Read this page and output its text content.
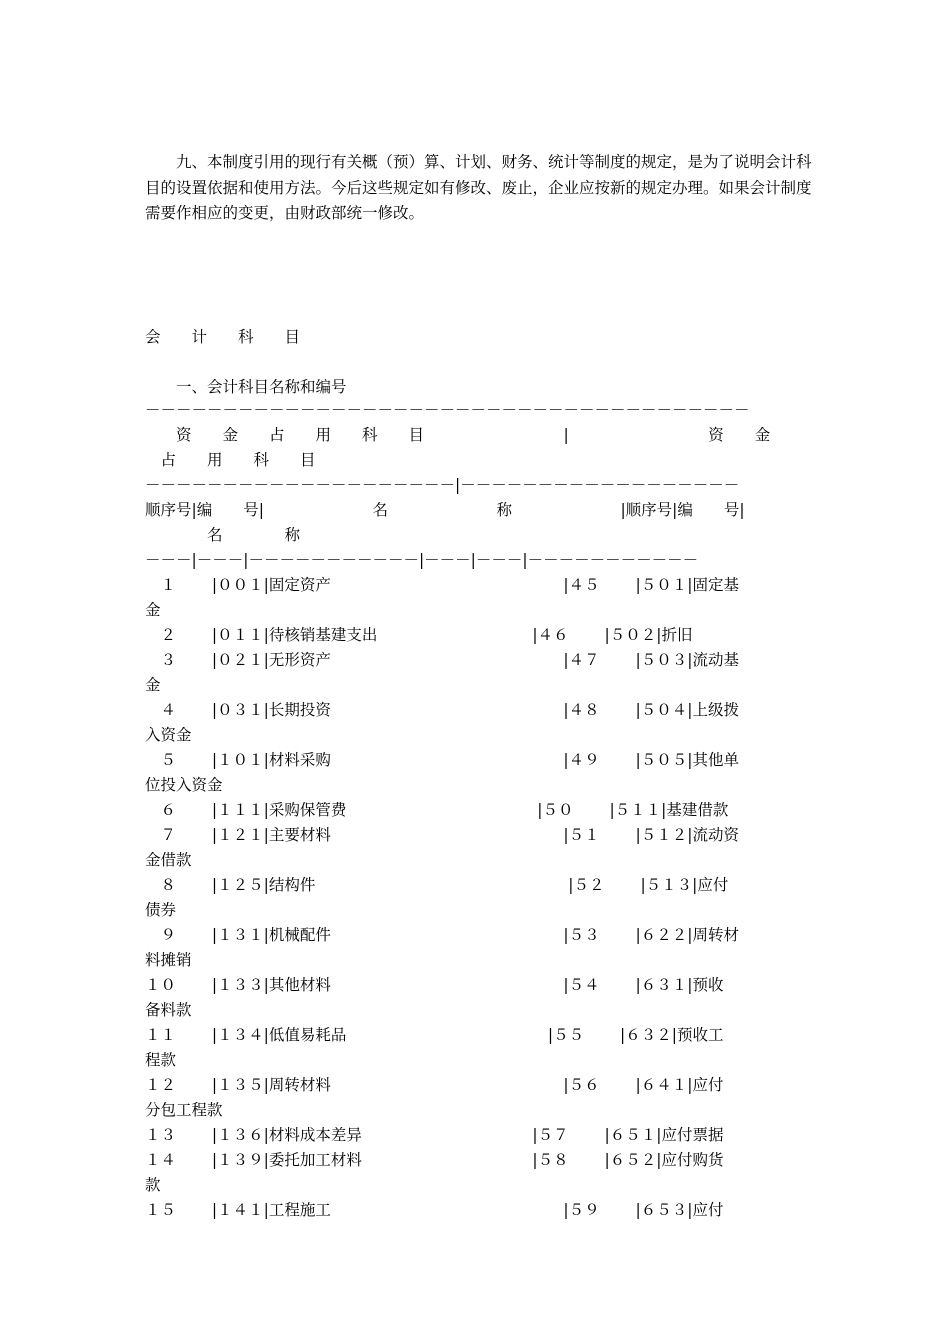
　　九、本制度引用的现行有关概（预）算、计划、财务、统计等制度的规定，是为了说明会计科目的设置依据和使用方法。今后这些规定如有修改、废止，企业应按新的规定办理。如果会计制度需要作相应的变更，由财政部统一修改。

会　　计　　科　　目
　　一、会计科目名称和编号
－－－－－－－－－－－－－－－－－－－－－－－－－－－－－－－－－－－－－－－
　　资　　金　　占　　用　　科　　目　　　　　　　　　|　　　　　　　　　资　　金
　占　　用　　科　　目
－－－－－－－－－－－－－－－－－－－－|－－－－－－－－－－－－－－－－－－
顺序号|编　　号|　　　　　　　名　　　　　　　称　　　　　　　|顺序号|编　　号|
　　　　名　　　　称
－－－|－－－|－－－－－－－－－－－|－－－|－－－|－－－－－－－－－－－
　１　　 |００１|固定资产　　　　　　　　　　　　　　　|４５　　 |５０１|固定基
金
　２　　 |０１１|待核销基建支出　　　　　　　　　　|４６　　 |５０２|折旧
　３　　 |０２１|无形资产　　　　　　　　　　　　　　　|４７　　 |５０３|流动基
金
　４　　 |０３１|长期投资　　　　　　　　　　　　　　　|４８　　 |５０４|上级拨
入资金
　５　　 |１０１|材料采购　　　　　　　　　　　　　　　|４９　　 |５０５|其他单
位投入资金
　６　　 |１１１|采购保管费　　　　　　　　　　　　 |５０　　 |５１１|基建借款
　７　　 |１２１|主要材料　　　　　　　　　　　　　　　|５１　　 |５１２|流动资
金借款
　８　　 |１２５|结构件　　　　　　　　　　　　　　　　 |５２　　 |５１３|应付
债券
　９　　 |１３１|机械配件　　　　　　　　　　　　　　　|５３　　 |６２２|周转材
料摊销
１０　　 |１３３|其他材料　　　　　　　　　　　　　　　|５４　　 |６３１|预收
备料款
１１　　 |１３４|低值易耗品　　　　　　　　　　　　　|５５　　 |６３２|预收工
程款
１２　　 |１３５|周转材料　　　　　　　　　　　　　　　|５６　　 |６４１|应付
分包工程款
１３　　 |１３６|材料成本差异　　　　　　　　　　　|５７　　 |６５１|应付票据
１４　　 |１３９|委托加工材料　　　　　　　　　　　|５８　　 |６５２|应付购货
款
１５　　 |１４１|工程施工　　　　　　　　　　　　　　　|５９　　 |６５３|应付
